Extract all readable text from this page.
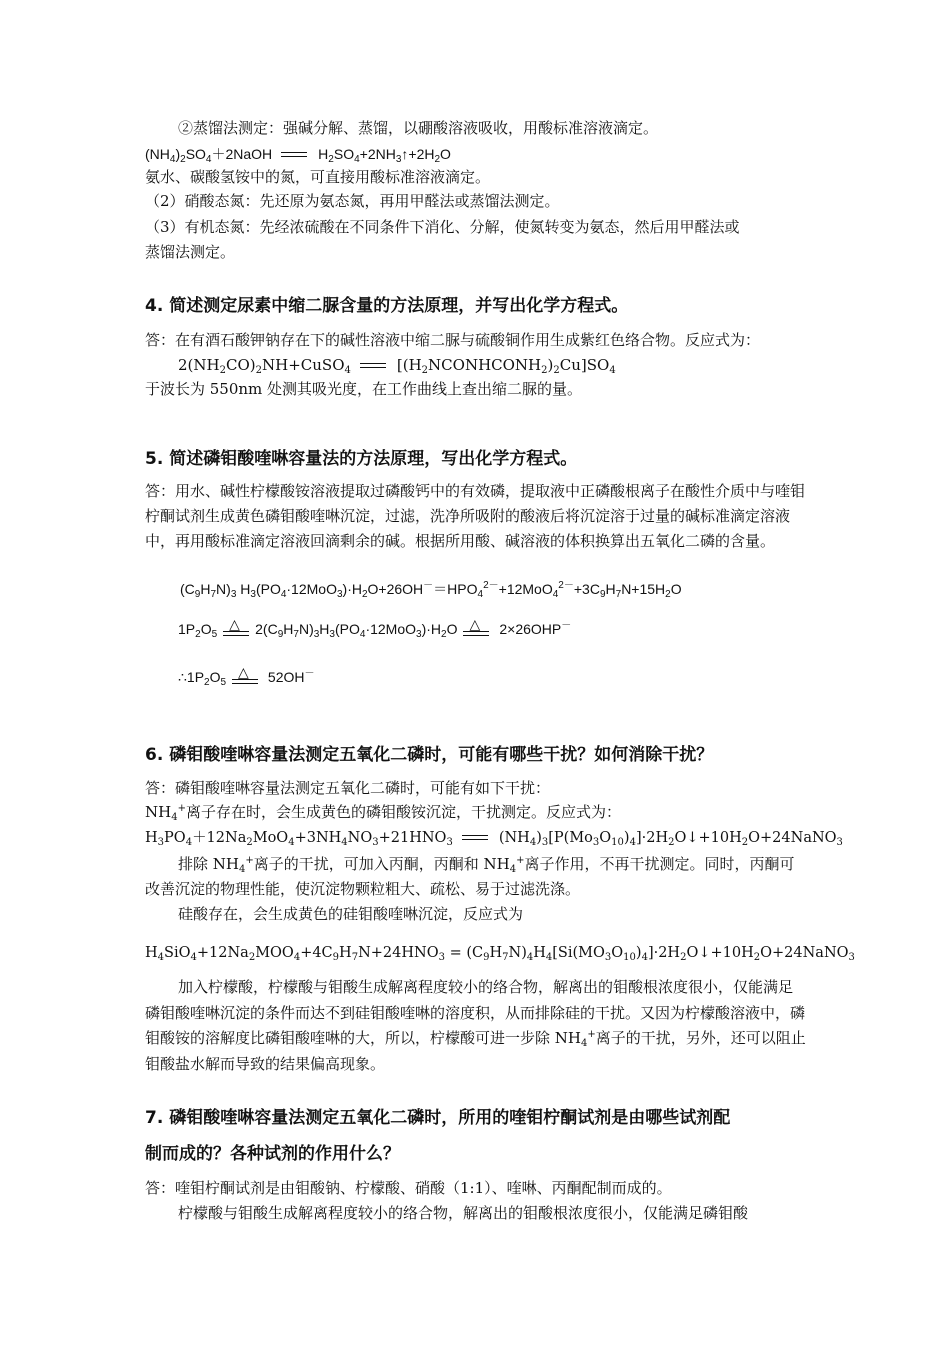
②蒸馏法测定：强碱分解、蒸馏，以硼酸溶液吸收，用酸标准溶液滴定。
$(NH_4)_2SO_4+2NaOH$	$H_2SO_4+2NH_3↑+2H_2O$
氨水、碳酸氢铵中的氮，可直接用酸标准溶液滴定。
（2）硝酸态氮：先还原为氨态氮，再用甲醛法或蒸馏法测定。
（3）有机态氮：先经浓硫酸在不同条件下消化、分解，使氮转变为氨态，然后用甲醛法或
蒸馏法测定。
4. 简述测定尿素中缩二脲含量的方法原理，并写出化学方程式。
答：在有酒石酸钾钠存在下的碱性溶液中缩二脲与硫酸铜作用生成紫红色络合物。反应式为：
$2(NH_2CO)_2NH+CuSO_4$	$[(H_2NCONHCONH_2)_2Cu]SO_4$
于波长为 550nm 处测其吸光度，在工作曲线上查出缩二脲的量。
5. 简述磷钼酸喹啉容量法的方法原理，写出化学方程式。
答：用水、碱性柠檬酸铵溶液提取过磷酸钙中的有效磷，提取液中正磷酸根离子在酸性介质中与喹钼柠酮试剂生成黄色磷钼酸喹啉沉淀，过滤，洗净所吸附的酸液后将沉淀溶于过量的碱标准滴定溶液中，再用酸标准滴定溶液回滴剩余的碱。根据所用酸、碱溶液的体积换算出五氧化二磷的含量。
$(C_9H_7N)_3$ $H_3(PO_4\cdot 12MoO_3)\cdot H_2O+26OH^-=HPO_4^{2-}+12MoO_4^{2-}+3C_9H_7N+15H_2O$
$1P_2O_5$
△ $2(C_9H_7N)_3H_3(PO_4\cdot 12MoO_3)\cdot H_2O$ △ 2×26OHP－
$\therefore 1P_2O_5$
△ 52OH－
6. 磷钼酸喹啉容量法测定五氧化二磷时，可能有哪些干扰？如何消除干扰？
答：磷钼酸喹啉容量法测定五氧化二磷时，可能有如下干扰：
$NH_4^+$离子存在时，会生成黄色的磷钼酸铵沉淀，干扰测定。反应式为：
$H_3PO_4+12Na_2MoO_4+3NH_4NO_3+21HNO_3$	$(NH_4)_3[P(Mo_3O_{10})_4]\cdot 2H_2O↓+10H_2O+24NaNO_3$
排除 $NH_4^+$离子的干扰，可加入丙酮，丙酮和 $NH_4^+$离子作用，不再干扰测定。同时，丙酮可改善沉淀的物理性能，使沉淀物颗粒粗大、疏松、易于过滤洗涤。
硅酸存在，会生成黄色的硅钼酸喹啉沉淀，反应式为
$H_4SiO_4+12Na_2MOO_4+4C_9H_7N+24HNO_3$ = $(C_9H_7N)_4H_4[Si(MO_3O_{10})_4]\cdot 2H_2O↓+10H_2O+24NaNO_3$
加入柠檬酸，柠檬酸与钼酸生成解离程度较小的络合物，解离出的钼酸根浓度很小，仅能满足磷钼酸喹啉沉淀的条件而达不到硅钼酸喹啉的溶度积，从而排除硅的干扰。又因为柠檬酸溶液中，磷钼酸铵的溶解度比磷钼酸喹啉的大，所以，柠檬酸可进一步除 $NH_4^+$离子的干扰，另外，还可以阻止钼酸盐水解而导致的结果偏高现象。
7. 磷钼酸喹啉容量法测定五氧化二磷时，所用的喹钼柠酮试剂是由哪些试剂配
制而成的？各种试剂的作用什么？
答：喹钼柠酮试剂是由钼酸钠、柠檬酸、硝酸（1:1）、喹啉、丙酮配制而成的。
柠檬酸与钼酸生成解离程度较小的络合物，解离出的钼酸根浓度很小，仅能满足磷钼酸
